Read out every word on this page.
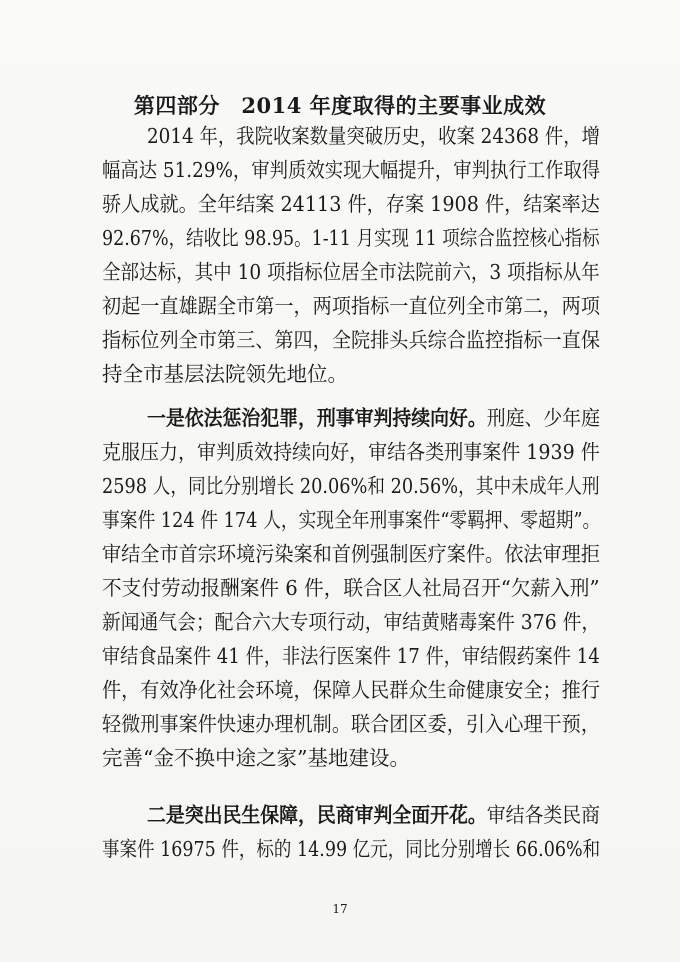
第四部分　2014 年度取得的主要事业成效
2014 年，我院收案数量突破历史，收案 24368 件，增
幅高达 51.29%，审判质效实现大幅提升，审判执行工作取得
骄人成就。全年结案 24113 件，存案 1908 件，结案率达
92.67%，结收比 98.95。1-11 月实现 11 项综合监控核心指标
全部达标，其中 10 项指标位居全市法院前六，3 项指标从年
初起一直雄踞全市第一，两项指标一直位列全市第二，两项
指标位列全市第三、第四，全院排头兵综合监控指标一直保
持全市基层法院领先地位。
一是依法惩治犯罪，刑事审判持续向好。刑庭、少年庭
克服压力，审判质效持续向好，审结各类刑事案件 1939 件
2598 人，同比分别增长 20.06%和 20.56%，其中未成年人刑
事案件 124 件 174 人，实现全年刑事案件“零羁押、零超期”。
审结全市首宗环境污染案和首例强制医疗案件。依法审理拒
不支付劳动报酬案件 6 件，联合区人社局召开“欠薪入刑”
新闻通气会；配合六大专项行动，审结黄赌毒案件 376 件，
审结食品案件 41 件，非法行医案件 17 件，审结假药案件 14
件，有效净化社会环境，保障人民群众生命健康安全；推行
轻微刑事案件快速办理机制。联合团区委，引入心理干预，
完善“金不换中途之家”基地建设。
二是突出民生保障，民商审判全面开花。审结各类民商
事案件 16975 件，标的 14.99 亿元，同比分别增长 66.06%和
17
